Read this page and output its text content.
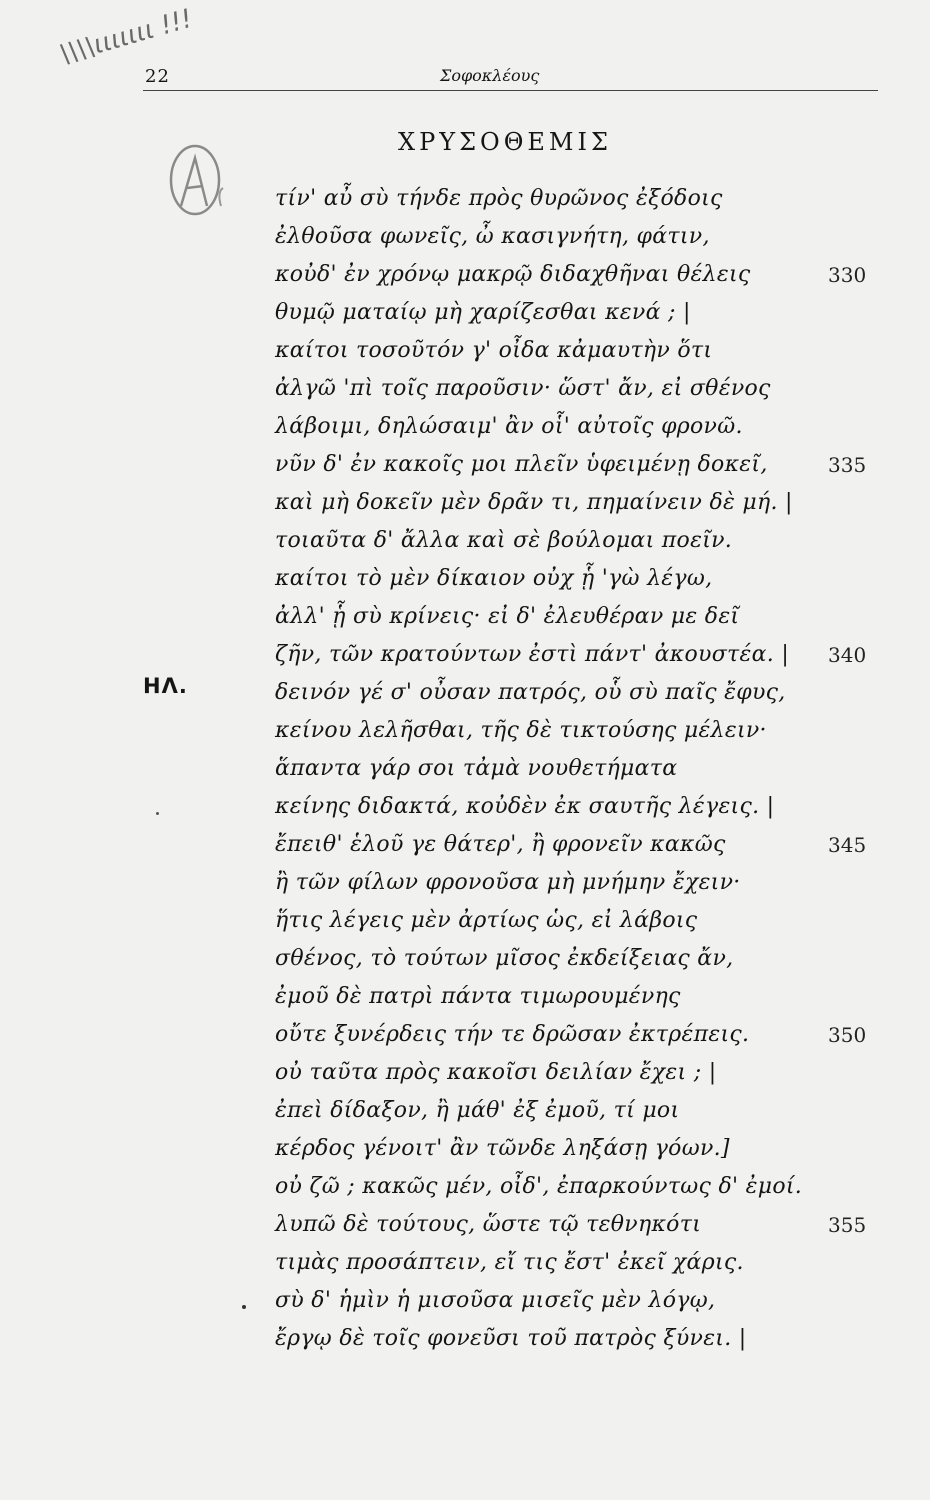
\\\\ιιιιιιι !!!
22	Σοφοκλέους
ΧΡΥΣΟΘΕΜΙΣ
τίν' αὖ σὺ τήνδε πρὸς θυρῶνος ἐξόδοις
ἐλθοῦσα φωνεῖς, ὦ κασιγνήτη, φάτιν,
κοὐδ' ἐν χρόνῳ μακρῷ διδαχθῆναι θέλεις
θυμῷ ματαίῳ μὴ χαρίζεσθαι κενά ; |
καίτοι τοσοῦτόν γ' οἶδα κἀμαυτὴν ὅτι
ἀλγῶ 'πὶ τοῖς παροῦσιν· ὥστ' ἄν, εἰ σθένος
λάβοιμι, δηλώσαιμ' ἂν οἷ' αὐτοῖς φρονῶ.
νῦν δ' ἐν κακοῖς μοι πλεῖν ὑφειμένῃ δοκεῖ,
καὶ μὴ δοκεῖν μὲν δρᾶν τι, πημαίνειν δὲ μή. |
τοιαῦτα δ' ἄλλα καὶ σὲ βούλομαι ποεῖν.
καίτοι τὸ μὲν δίκαιον οὐχ ᾗ 'γὼ λέγω,
ἀλλ' ᾗ σὺ κρίνεις· εἰ δ' ἐλευθέραν με δεῖ
ζῆν, τῶν κρατούντων ἐστὶ πάντ' ἀκουστέα. |
ΗΛ.	δεινόν γέ σ' οὖσαν πατρός, οὗ σὺ παῖς ἔφυς,
κείνου λελῆσθαι, τῆς δὲ τικτούσης μέλειν·
ἅπαντα γάρ σοι τἀμὰ νουθετήματα
κείνης διδακτά, κοὐδὲν ἐκ σαυτῆς λέγεις. |
ἔπειθ' ἑλοῦ γε θάτερ', ἢ φρονεῖν κακῶς
ἢ τῶν φίλων φρονοῦσα μὴ μνήμην ἔχειν·
ἥτις λέγεις μὲν ἀρτίως ὡς, εἰ λάβοις
σθένος, τὸ τούτων μῖσος ἐκδείξειας ἄν,
ἐμοῦ δὲ πατρὶ πάντα τιμωρουμένης
οὔτε ξυνέρδεις τήν τε δρῶσαν ἐκτρέπεις.
οὐ ταῦτα πρὸς κακοῖσι δειλίαν ἔχει ; |
ἐπεὶ δίδαξον, ἢ μάθ' ἐξ ἐμοῦ, τί μοι
κέρδος γένοιτ' ἂν τῶνδε ληξάσῃ γόων.]
οὐ ζῶ ; κακῶς μέν, οἶδ', ἐπαρκούντως δ' ἐμοί.
λυπῶ δὲ τούτους, ὥστε τῷ τεθνηκότι
τιμὰς προσάπτειν, εἴ τις ἔστ' ἐκεῖ χάρις.
σὺ δ' ἡμὶν ἡ μισοῦσα μισεῖς μὲν λόγῳ,
ἔργῳ δὲ τοῖς φονεῦσι τοῦ πατρὸς ξύνει. |
330
335
340
345
350
355
